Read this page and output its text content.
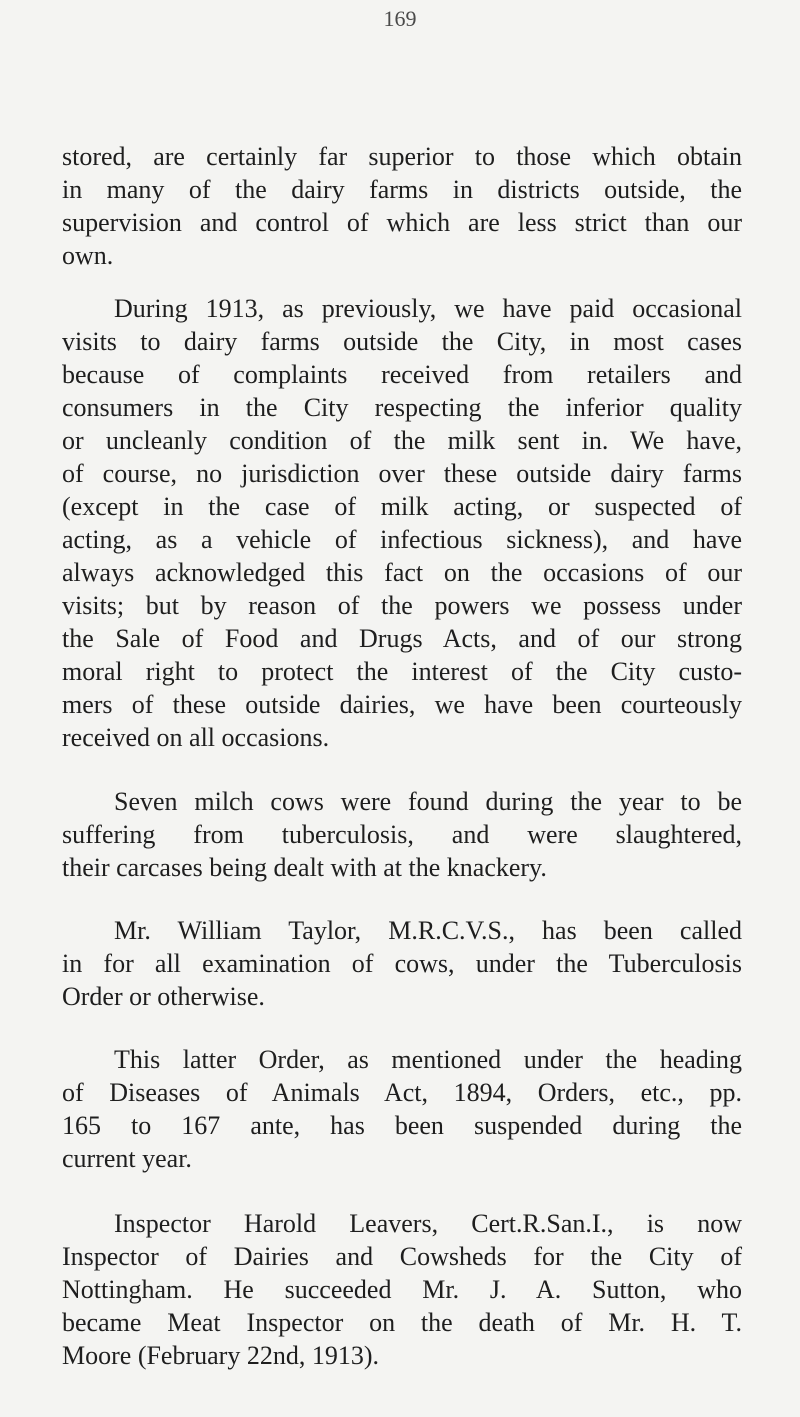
169

stored, are certainly far superior to those which obtain
in many of the dairy farms in districts outside, the
supervision and control of which are less strict than our
own.

During 1913, as previously, we have paid occasional
visits to dairy farms outside the City, in most cases
because of complaints received from retailers and
consumers in the City respecting the inferior quality
or uncleanly condition of the milk sent in. We have,
of course, no jurisdiction over these outside dairy farms
(except in the case of milk acting, or suspected of
acting, as a vehicle of infectious sickness), and have
always acknowledged this fact on the occasions of our
visits; but by reason of the powers we possess under
the Sale of Food and Drugs Acts, and of our strong
moral right to protect the interest of the City custo-
mers of these outside dairies, we have been courteously
received on all occasions.

Seven milch cows were found during the year to be
suffering from tuberculosis, and were slaughtered,
their carcases being dealt with at the knackery.

Mr. William Taylor, M.R.C.V.S., has been called
in for all examination of cows, under the Tuberculosis
Order or otherwise.

This latter Order, as mentioned under the heading
of Diseases of Animals Act, 1894, Orders, etc., pp.
165 to 167 ante, has been suspended during the
current year.

Inspector Harold Leavers, Cert.R.San.I., is now
Inspector of Dairies and Cowsheds for the City of
Nottingham. He succeeded Mr. J. A. Sutton, who
became Meat Inspector on the death of Mr. H. T.
Moore (February 22nd, 1913).
